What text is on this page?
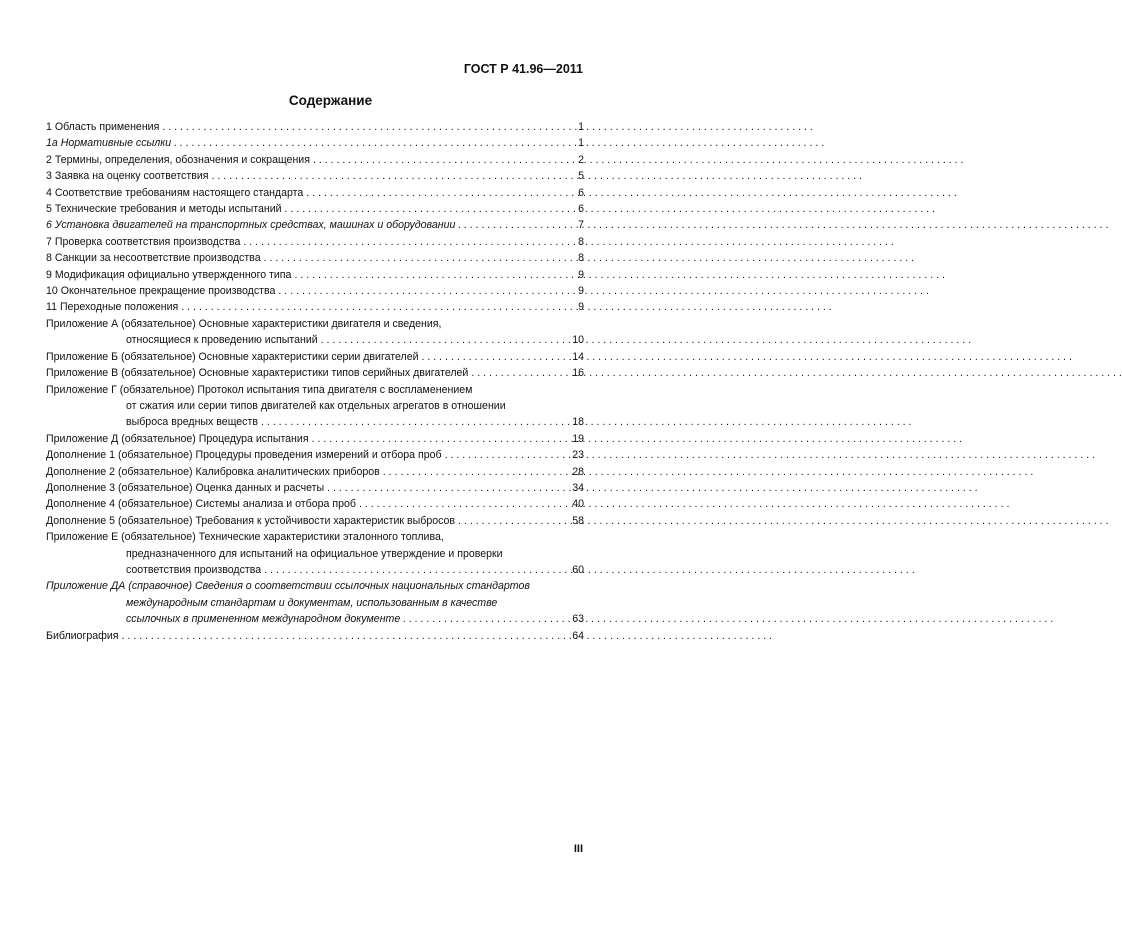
ГОСТ Р 41.96—2011
Содержание
1 Область применения . . .	1
1а Нормативные ссылки . . .	1
2 Термины, определения, обозначения и сокращения . . .	2
3 Заявка на оценку соответствия . . .	5
4 Соответствие требованиям настоящего стандарта . . .	6
5 Технические требования и методы испытаний . . .	6
6 Установка двигателей на транспортных средствах, машинах и оборудовании . . .	7
7 Проверка соответствия производства . . .	8
8 Санкции за несоответствие производства . . .	8
9 Модификация официально утвержденного типа . . .	9
10 Окончательное прекращение производства . . .	9
11 Переходные положения . . .	9
Приложение А (обязательное) Основные характеристики двигателя и сведения,
относящиеся к проведению испытаний . . .	10
Приложение Б (обязательное) Основные характеристики серии двигателей . . .	14
Приложение В (обязательное) Основные характеристики типов серийных двигателей . . .	16
Приложение Г (обязательное) Протокол испытания типа двигателя с воспламенением
от сжатия или серии типов двигателей как отдельных агрегатов в отношении
выброса вредных веществ . . .	18
Приложение Д (обязательное) Процедура испытания . . .	19
Дополнение 1 (обязательное) Процедуры проведения измерений и отбора проб . . .	23
Дополнение 2 (обязательное) Калибровка аналитических приборов . . .	28
Дополнение 3 (обязательное) Оценка данных и расчеты . . .	34
Дополнение 4 (обязательное) Системы анализа и отбора проб . . .	40
Дополнение 5 (обязательное) Требования к устойчивости характеристик выбросов . . .	58
Приложение Е (обязательное) Технические характеристики эталонного топлива,
предназначенного для испытаний на официальное утверждение и проверки
соответствия производства . . .	60
Приложение ДА (справочное) Сведения о соответствии ссылочных национальных стандартов
международным стандартам и документам, использованным в качестве
ссылочных в примененном международном документе . . .	63
Библиография . . .	64
III
